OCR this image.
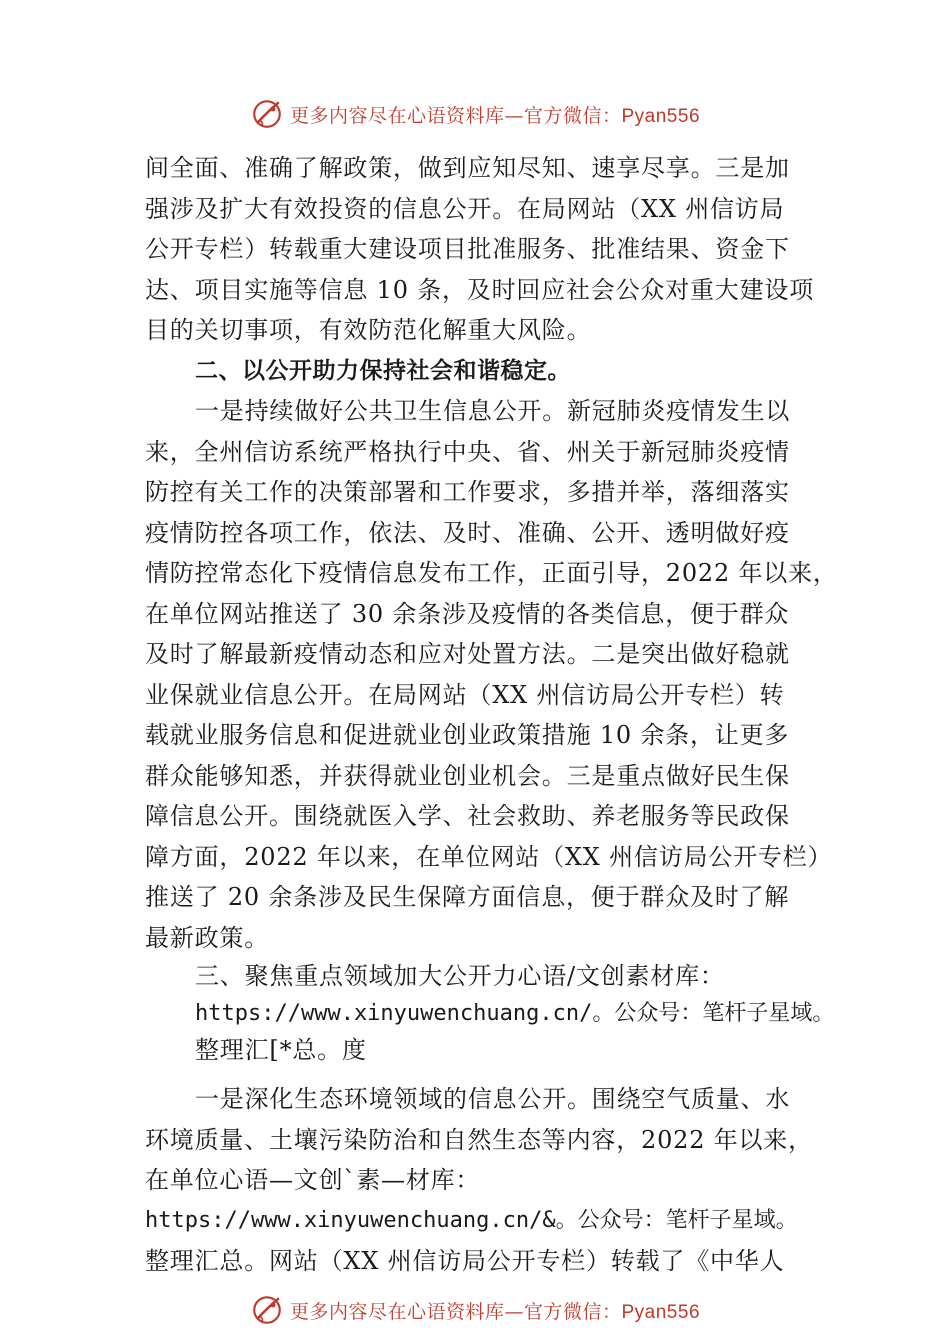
更多内容尽在心语资料库—官方微信：Pyan556
间全面、准确了解政策，做到应知尽知、速享尽享。三是加
强涉及扩大有效投资的信息公开。在局网站（XX 州信访局
公开专栏）转载重大建设项目批准服务、批准结果、资金下
达、项目实施等信息 10 条，及时回应社会公众对重大建设项
目的关切事项，有效防范化解重大风险。
二、以公开助力保持社会和谐稳定。
一是持续做好公共卫生信息公开。新冠肺炎疫情发生以
来，全州信访系统严格执行中央、省、州关于新冠肺炎疫情
防控有关工作的决策部署和工作要求，多措并举，落细落实
疫情防控各项工作，依法、及时、准确、公开、透明做好疫
情防控常态化下疫情信息发布工作，正面引导，2022 年以来，
在单位网站推送了 30 余条涉及疫情的各类信息，便于群众
及时了解最新疫情动态和应对处置方法。二是突出做好稳就
业保就业信息公开。在局网站（XX 州信访局公开专栏）转
载就业服务信息和促进就业创业政策措施 10 余条，让更多
群众能够知悉，并获得就业创业机会。三是重点做好民生保
障信息公开。围绕就医入学、社会救助、养老服务等民政保
障方面，2022 年以来，在单位网站（XX 州信访局公开专栏）
推送了 20 余条涉及民生保障方面信息，便于群众及时了解
最新政策。
三、聚焦重点领域加大公开力心语/文创素材库：
https://www.xinyuwenchuang.cn/。公众号：笔杆子星域。
整理汇[*总。度
一是深化生态环境领域的信息公开。围绕空气质量、水
环境质量、土壤污染防治和自然生态等内容，2022 年以来，
在单位心语—文创`素—材库：
https://www.xinyuwenchuang.cn/&。公众号：笔杆子星域。
整理汇总。网站（XX 州信访局公开专栏）转载了《中华人
更多内容尽在心语资料库—官方微信：Pyan556
